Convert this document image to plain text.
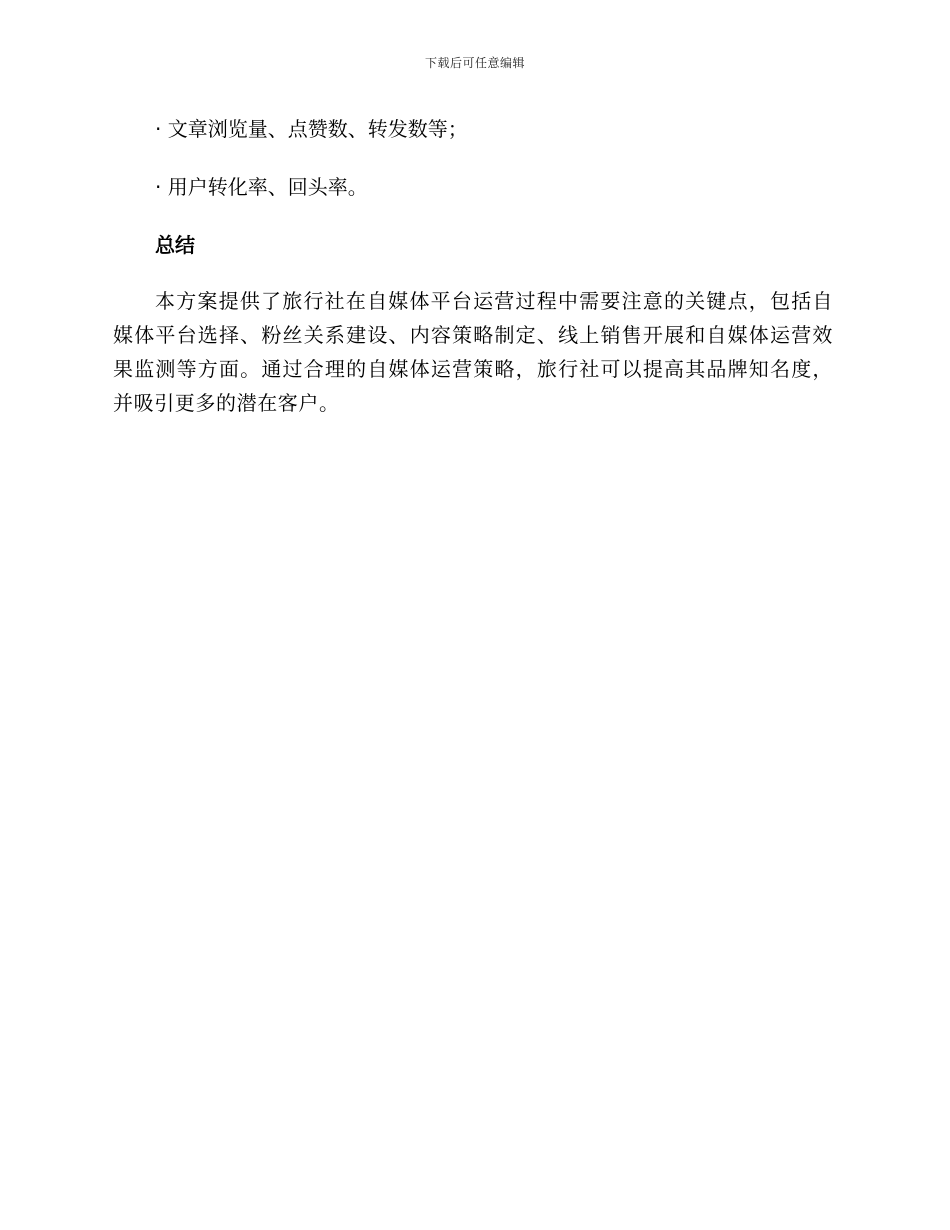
下载后可任意编辑

· 文章浏览量、点赞数、转发数等；

· 用户转化率、回头率。

总结

本方案提供了旅行社在自媒体平台运营过程中需要注意的关键点，包括自媒体平台选择、粉丝关系建设、内容策略制定、线上销售开展和自媒体运营效果监测等方面。通过合理的自媒体运营策略，旅行社可以提高其品牌知名度，并吸引更多的潜在客户。
